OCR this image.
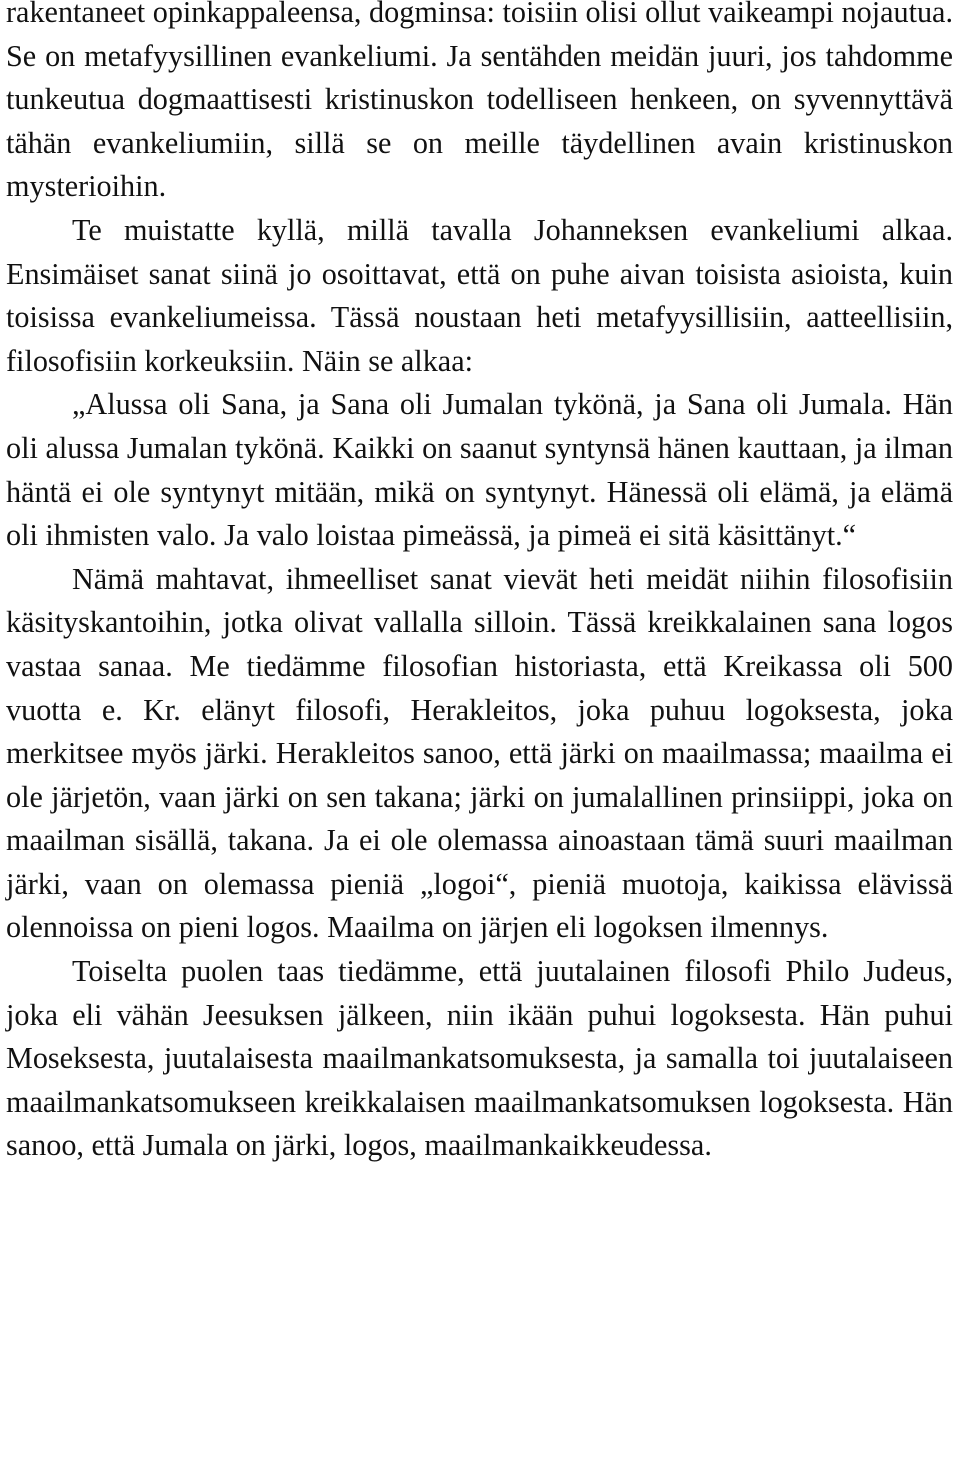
rakentaneet opinkappaleensa, dogminsa: toisiin olisi ollut vaikeampi nojautua. Se on metafyysillinen evankeliumi. Ja sentähden meidän juuri, jos tahdomme tunkeutua dogmaattisesti kristinuskon todelliseen henkeen, on syvennyttävä tähän evankeliumiin, sillä se on meille täydellinen avain kristinuskon mysterioihin.

Te muistatte kyllä, millä tavalla Johanneksen evankeliumi alkaa. Ensimäiset sanat siinä jo osoittavat, että on puhe aivan toisista asioista, kuin toisissa evankeliumeissa. Tässä noustaan heti metafyysillisiin, aatteellisiin, filosofisiin korkeuksiin. Näin se alkaa:

„Alussa oli Sana, ja Sana oli Jumalan tykönä, ja Sana oli Jumala. Hän oli alussa Jumalan tykönä. Kaikki on saanut syntynsä hänen kauttaan, ja ilman häntä ei ole syntynyt mitään, mikä on syntynyt. Hänessä oli elämä, ja elämä oli ihmisten valo. Ja valo loistaa pimeässä, ja pimeä ei sitä käsittänyt.“

Nämä mahtavat, ihmeelliset sanat vievät heti meidät niihin filosofisiin käsityskantoihin, jotka olivat vallalla silloin. Tässä kreikkalainen sana logos vastaa sanaa. Me tiedämme filosofian historiasta, että Kreikassa oli 500 vuotta e. Kr. elänyt filosofi, Herakleitos, joka puhuu logoksesta, joka merkitsee myös järki. Herakleitos sanoo, että järki on maailmassa; maailma ei ole järjetön, vaan järki on sen takana; järki on jumalallinen prinsiippi, joka on maailman sisällä, takana. Ja ei ole olemassa ainoastaan tämä suuri maailman järki, vaan on olemassa pieniä „logoi“, pieniä muotoja, kaikissa elävissä olennoissa on pieni logos. Maailma on järjen eli logoksen ilmennys.

Toiselta puolen taas tiedämme, että juutalainen filosofi Philo Judeus, joka eli vähän Jeesuksen jälkeen, niin ikään puhui logoksesta. Hän puhui Moseksesta, juutalaisesta maailmankatsomuksesta, ja samalla toi juutalaiseen maailmankatsomukseen kreikkalaisen maailmankatsomuksen logoksesta. Hän sanoo, että Jumala on järki, logos, maailmankaikkeudessa.
